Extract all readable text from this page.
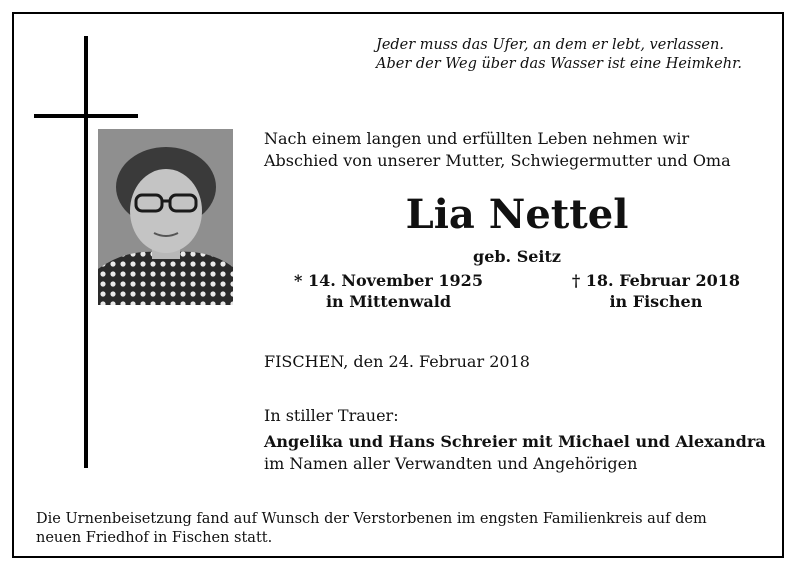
Jeder muss das Ufer, an dem er lebt, verlassen.
Aber der Weg über das Wasser ist eine Heimkehr.
Nach einem langen und erfüllten Leben nehmen wir
Abschied von unserer Mutter, Schwiegermutter und Oma
Lia Nettel
geb. Seitz
* 14. November 1925
in Mittenwald
† 18. Februar 2018
in Fischen
FISCHEN, den 24. Februar 2018
In stiller Trauer:
Angelika und Hans Schreier mit Michael und Alexandra
im Namen aller Verwandten und Angehörigen
Die Urnenbeisetzung fand auf Wunsch der Verstorbenen im engsten Familienkreis auf dem
neuen Friedhof in Fischen statt.
